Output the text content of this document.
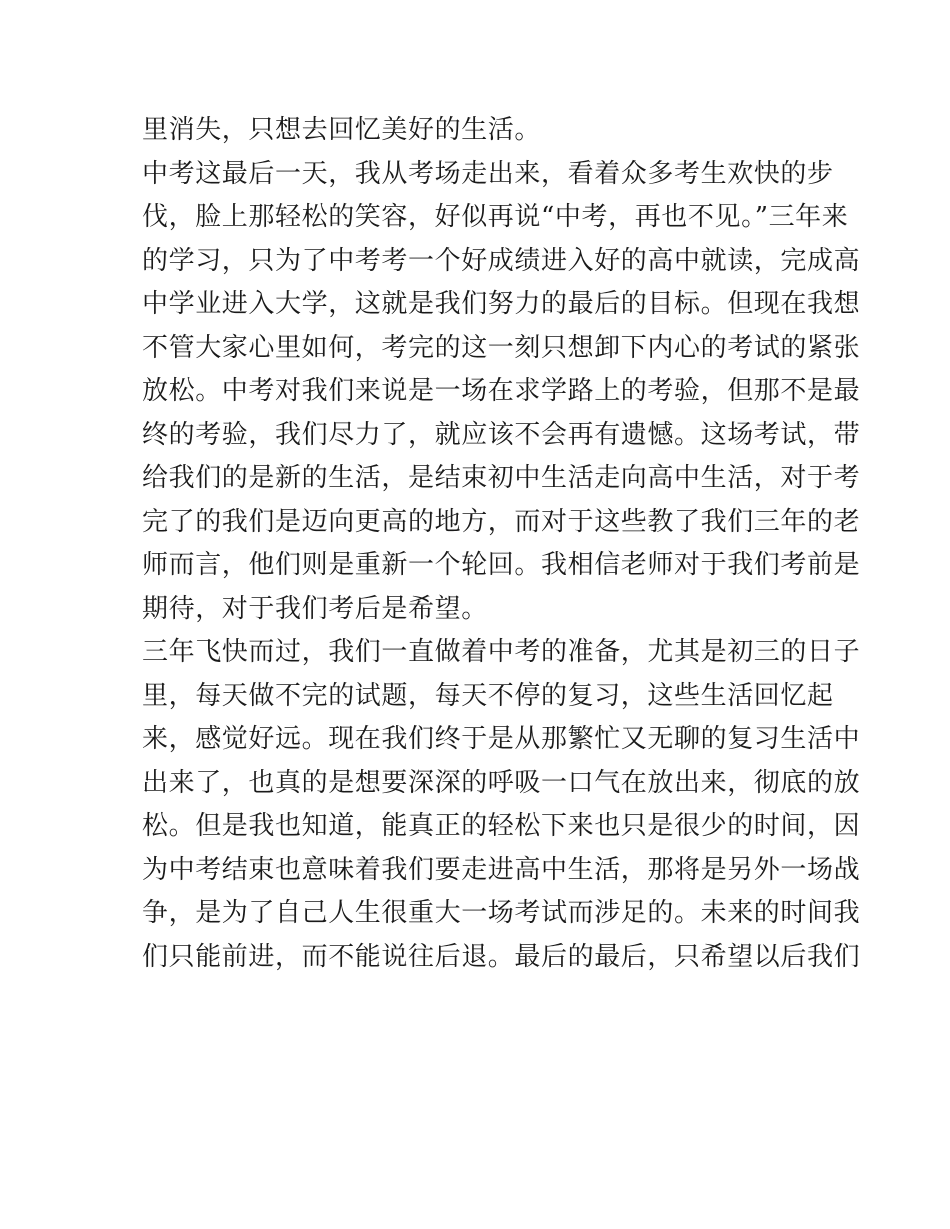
里消失，只想去回忆美好的生活。
中考这最后一天，我从考场走出来，看着众多考生欢快的步
伐，脸上那轻松的笑容，好似再说“中考，再也不见。”三年来
的学习，只为了中考考一个好成绩进入好的高中就读，完成高
中学业进入大学，这就是我们努力的最后的目标。但现在我想
不管大家心里如何，考完的这一刻只想卸下内心的考试的紧张
放松。中考对我们来说是一场在求学路上的考验，但那不是最
终的考验，我们尽力了，就应该不会再有遗憾。这场考试，带
给我们的是新的生活，是结束初中生活走向高中生活，对于考
完了的我们是迈向更高的地方，而对于这些教了我们三年的老
师而言，他们则是重新一个轮回。我相信老师对于我们考前是
期待，对于我们考后是希望。
三年飞快而过，我们一直做着中考的准备，尤其是初三的日子
里，每天做不完的试题，每天不停的复习，这些生活回忆起
来，感觉好远。现在我们终于是从那繁忙又无聊的复习生活中
出来了，也真的是想要深深的呼吸一口气在放出来，彻底的放
松。但是我也知道，能真正的轻松下来也只是很少的时间，因
为中考结束也意味着我们要走进高中生活，那将是另外一场战
争，是为了自己人生很重大一场考试而涉足的。未来的时间我
们只能前进，而不能说往后退。最后的最后，只希望以后我们
